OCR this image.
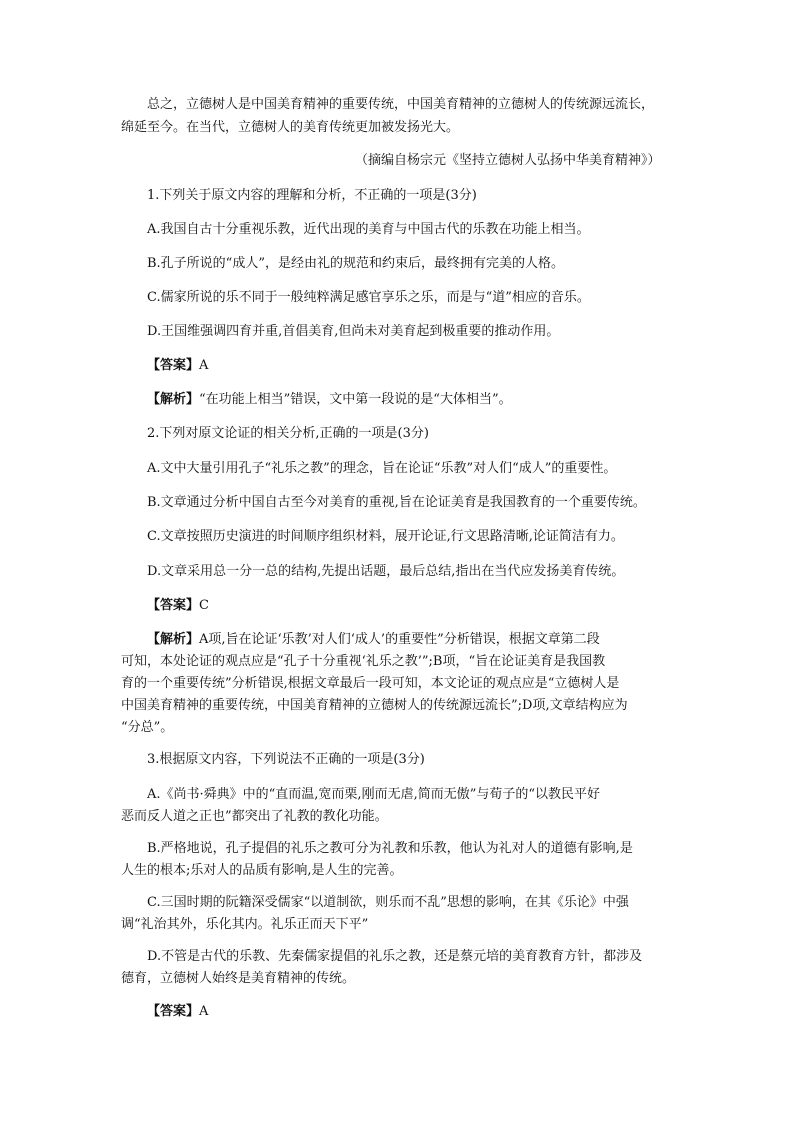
总之，立德树人是中国美育精神的重要传统，中国美育精神的立德树人的传统源远流长，

绵延至今。在当代，立德树人的美育传统更加被发扬光大。

（摘编自杨宗元《坚持立德树人弘扬中华美育精神》）

1.下列关于原文内容的理解和分析，不正确的一项是(3分)

A.我国自古十分重视乐教，近代出现的美育与中国古代的乐教在功能上相当。

B.孔子所说的“成人”，是经由礼的规范和约束后，最终拥有完美的人格。

C.儒家所说的乐不同于一般纯粹满足感官享乐之乐，而是与“道”相应的音乐。

D.王国维强调四育并重,首倡美育,但尚未对美育起到极重要的推动作用。

【答案】A

【解析】“在功能上相当”错误，文中第一段说的是“大体相当”。

2.下列对原文论证的相关分析,正确的一项是(3分)

A.文中大量引用孔子“礼乐之教”的理念，旨在论证“乐教”对人们“成人”的重要性。

B.文章通过分析中国自古至今对美育的重视,旨在论证美育是我国教育的一个重要传统。

C.文章按照历史演进的时间顺序组织材料，展开论证,行文思路清晰,论证简洁有力。

D.文章采用总一分一总的结构,先提出话题，最后总结,指出在当代应发扬美育传统。

【答案】C

【解析】A项,旨在论证‘乐教’对人们‘成人’的重要性”分析错误，根据文章第二段

可知，本处论证的观点应是“孔子十分重视‘礼乐之教’”;B项，“旨在论证美育是我国教

育的一个重要传统”分析错误,根据文章最后一段可知，本文论证的观点应是“立德树人是

中国美育精神的重要传统，中国美育精神的立德树人的传统源远流长”;D项,文章结构应为

“分总”。

3.根据原文内容，下列说法不正确的一项是(3分)

A.《尚书·舜典》中的“直而温,宽而栗,刚而无虐,简而无傲”与荀子的“以教民平好

恶而反人道之正也”都突出了礼教的教化功能。

B.严格地说，孔子提倡的礼乐之教可分为礼教和乐教，他认为礼对人的道德有影响,是

人生的根本;乐对人的品质有影响,是人生的完善。

C.三国时期的阮籍深受儒家“以道制欲，则乐而不乱”思想的影响，在其《乐论》中强

调“礼治其外，乐化其内。礼乐正而天下平”

D.不管是古代的乐教、先秦儒家提倡的礼乐之教，还是蔡元培的美育教育方针，都涉及

德育，立德树人始终是美育精神的传统。

【答案】A
